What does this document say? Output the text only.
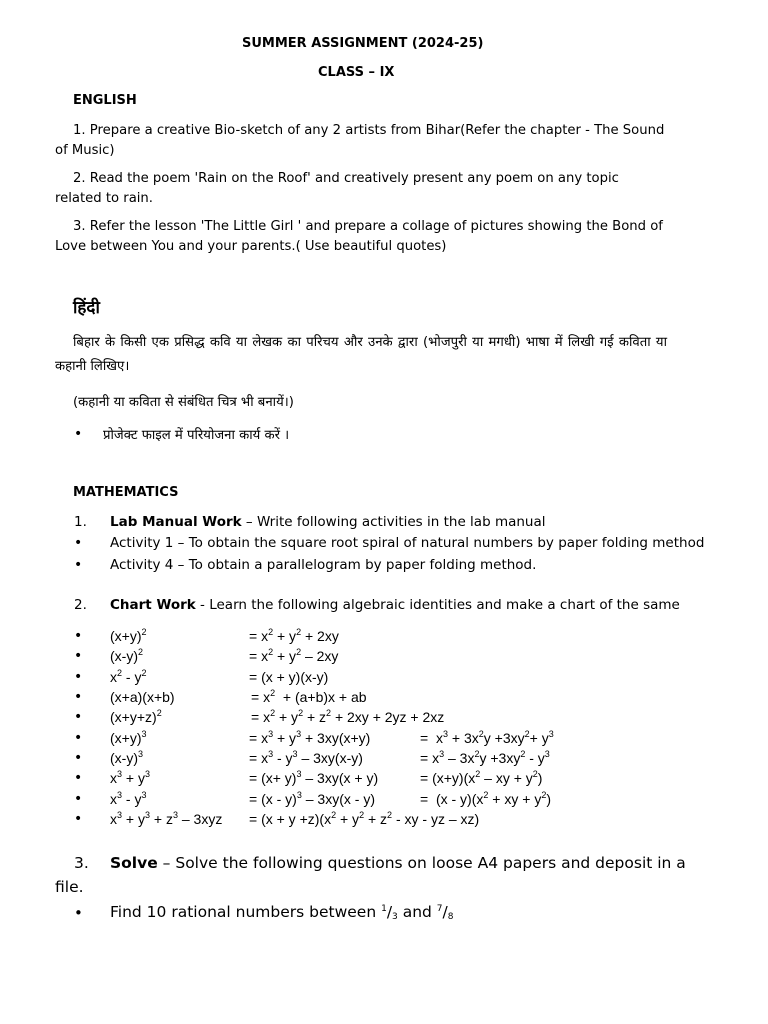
SUMMER ASSIGNMENT (2024-25)
CLASS – IX
ENGLISH
1. Prepare a creative Bio-sketch of any 2 artists from Bihar(Refer the chapter - The Sound of Music)
2. Read the poem 'Rain on the Roof' and creatively present any poem on any topic related to rain.
3. Refer the lesson 'The Little Girl ' and prepare a collage of pictures showing the Bond of Love between You and your parents.( Use beautiful quotes)
हिंदी
बिहार के किसी एक प्रसिद्ध कवि या लेखक का परिचय और उनके द्वारा (भोजपुरी या मगधी) भाषा में लिखी गई कविता या कहानी लिखिए।
(कहानी या कविता से संबंधित चित्र भी बनायें।)
• प्रोजेक्ट फाइल में परियोजना कार्य करें ।
MATHEMATICS
1. Lab Manual Work – Write following activities in the lab manual
• Activity 1 – To obtain the square root spiral of natural numbers by paper folding method
• Activity 4 – To obtain a parallelogram by paper folding method.
2. Chart Work - Learn the following algebraic identities and make a chart of the same
• $(x+y)^2$	= $x^2 + y^2 + 2xy$
• $(x-y)^2$	= $x^2 + y^2 - 2xy$
• $x^2 - y^2$	= (x + y)(x-y)
• (x+a)(x+b)	= $x^2 + (a+b)x$ + ab
• $(x+y+z)^2$	= $x^2 + y^2 + z^2 + 2xy + 2yz + 2xz$
• $(x+y)^3$	= $x^3 + y^3 + 3xy(x+y)$	=  $x^3 + 3x^2y +3xy^2+ y^3$
• $(x-y)^3$	= $x^3 - y^3 - 3xy(x-y)$	= $x^3 - 3x^2y +3xy^2 - y^3$
• $x^3 + y^3$	= $(x+ y)^3 - 3xy(x + y)$	= $(x+y)(x^2$ – xy + $y^2$)
• $x^3 - y^3$	= (x - y)$^3$ – 3xy(x - y)	=  $(x - y)(x^2$ + xy + $y^2$)
• $x^3 + y^3 + z^3 - 3xyz = (x + y +z)(x^2 + y^2 + z^2$ - xy - yz – xz)
3. Solve – Solve the following questions on loose A4 papers and deposit in a
file.
• Find 10 rational numbers between $^1/_3$ and $^7/_8$
